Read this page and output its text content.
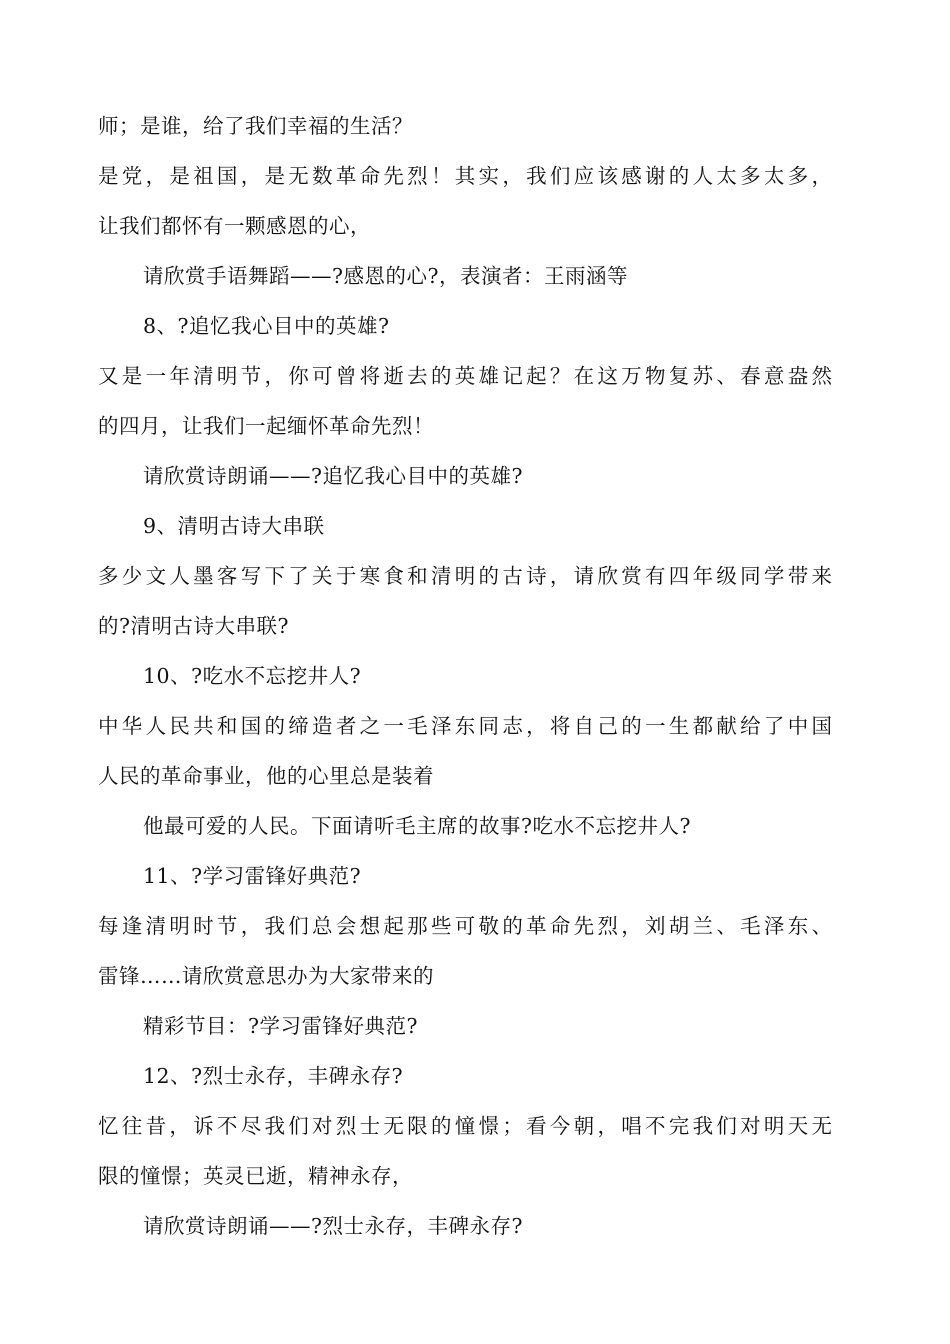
师；是谁，给了我们幸福的生活？
是党，是祖国，是无数革命先烈！其实，我们应该感谢的人太多太多，
让我们都怀有一颗感恩的心，
请欣赏手语舞蹈——?感恩的心?，表演者：王雨涵等
8、?追忆我心目中的英雄?
又是一年清明节，你可曾将逝去的英雄记起？在这万物复苏、春意盎然
的四月，让我们一起缅怀革命先烈！
请欣赏诗朗诵——?追忆我心目中的英雄?
9、清明古诗大串联
多少文人墨客写下了关于寒食和清明的古诗，请欣赏有四年级同学带来
的?清明古诗大串联?
10、?吃水不忘挖井人?
中华人民共和国的缔造者之一毛泽东同志，将自己的一生都献给了中国
人民的革命事业，他的心里总是装着
他最可爱的人民。下面请听毛主席的故事?吃水不忘挖井人?
11、?学习雷锋好典范?
每逢清明时节，我们总会想起那些可敬的革命先烈，刘胡兰、毛泽东、
雷锋……请欣赏意思办为大家带来的
精彩节目：?学习雷锋好典范?
12、?烈士永存，丰碑永存?
忆往昔，诉不尽我们对烈士无限的憧憬；看今朝，唱不完我们对明天无
限的憧憬；英灵已逝，精神永存，
请欣赏诗朗诵——?烈士永存，丰碑永存?
